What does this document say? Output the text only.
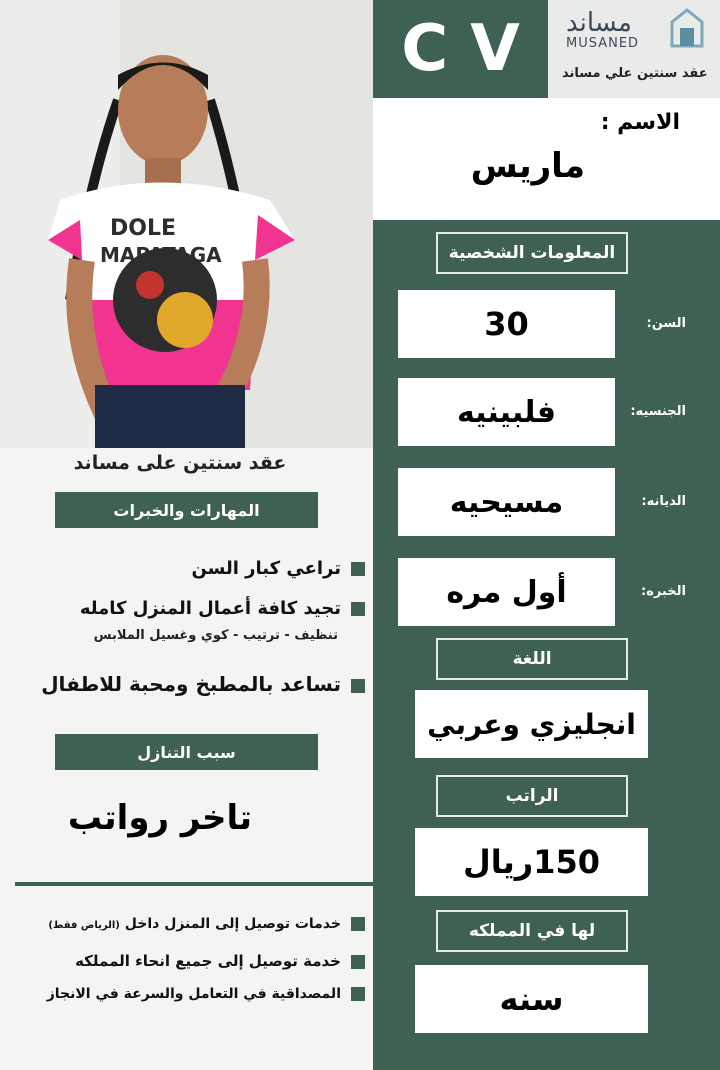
DOLE
MAPATAGA
CV مساند
MUSANED
عقد سنتين علي مساند
الاسم :
ماريس
المعلومات الشخصية
30	السن:
فلبينيه	الجنسيه:
مسيحيه	الديانه:
أول مره	الخبره:
اللغة
انجليزي وعربي
الراتب
150ريال
لها في المملكه
سنه
عقد سنتين على مساند
المهارات والخبرات
تراعي كبار السن
تجيد كافة أعمال المنزل كامله
تنظيف - ترتيب - كوي وغسيل الملابس
تساعد بالمطبخ ومحبة للاطفال
سبب التنازل
تاخر رواتب
خدمات توصيل إلى المنزل داخل (الرياض فقط)
خدمة توصيل إلى جميع انحاء المملكه
المصداقية في التعامل والسرعة في الانجاز
